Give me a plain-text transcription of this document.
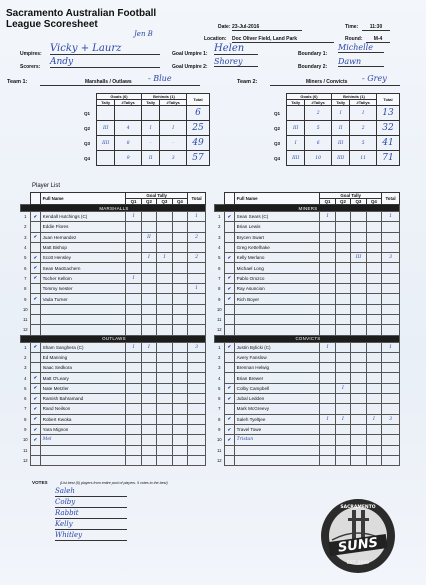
Sacramento Australian Football
League Scoresheet	Date: 23-Jul-2016	Time:	11:30
Location: Doc Oliver Field, Land Park	Round:	M-4
Jen B
Umpires: Vicky + Laurz	Goal Umpire 1: Helen	Boundary 1:
Michelle
Scorers: Andy	Goal Umpire 2:
Shorey
Boundary 2:
Dawn
Team 1:	Marshalls / Outlaws - Blue	Team 2:	Miners / Convicts - Grey
	Goals (6)		Behinds (1)		Total
	Tally	#Tallys	Tally	#Tallys	
Q1					6
Q2	III	4	I	I	25
Q3	IIII	8	-	-	49
Q4		9	II	3	57
	Goals (6)		Behinds (1)		Total
	Tally	#Tallys	Tally	#Tallys	
Q1		2	I	I	13
Q2	III	5	II	2	32
Q3	I	6	III	5	41
Q4	IIII	10	IIII	11	71
Player List
		Full Name	Goal Tally				Total
			Q1	Q2	Q3	Q4	
MARSHALLS							
1	✔	Kendall Hutchings (C)	I				1
2		Eddie Flores					
3	✔	Juan Hernandez		II			2
4		Matt Bishop					
5	✔	Scott Hensley		I	I		2
6	✔	Sean MacEachern					
7	✔	Tocher Kellom	I				
8		Tommy Ivester					1
9	✔	Vada Turner					
10							
11							
12							
OUTLAWS							
1	✔	Sham Sanghera (C)	I	I			3
2		Ed Manning					
3		Isaac Sedkora					
4	✔	Matt O'Leary					
5	✔	Nate Metzler					
6	✔	Ramish Bahramand					
7	✔	Rand Neilson					
8	✔	Robert Kwoka					
9	✔	Yara Mignon					
10	✔	Mel					
11							
12							
		Full Name	Goal Tally				Total
			Q1	Q2	Q3	Q4	
MINERS							
1	✔	Sean Sears (C)	I				1
2		Brian Lewis					
3		Brycen Swart					
4		Greg Kettelhake					
5	✔	Kelly Merlano			III		3
6		Michael Long					
7	✔	Pablo Orozco					
8	✔	Ray Asuncion					
9	✔	Rich Boyer					
10							
11							
12							
CONVICTS							
1	✔	Justin Bylicki (C)	I				1
2		Avery Fanslow					
3		Brennan Helwig					
4		Brian Brewer					
5	✔	Colby Campbell		I			
6	✔	Jubal Ledden					
7		Mark McGreevy					
8	✔	Saleh Tyeltjee	I	I		I	3
9	✔	Travel Towe					
10	✔	Tristan					
11							
12							
VOTES	(List best (5) players from entire pool of players. 5 votes to the best)
Saleh
Colby
Rabbit
Kelly
Whitley
SUNS
EST. 2009
SACRAMENTO
